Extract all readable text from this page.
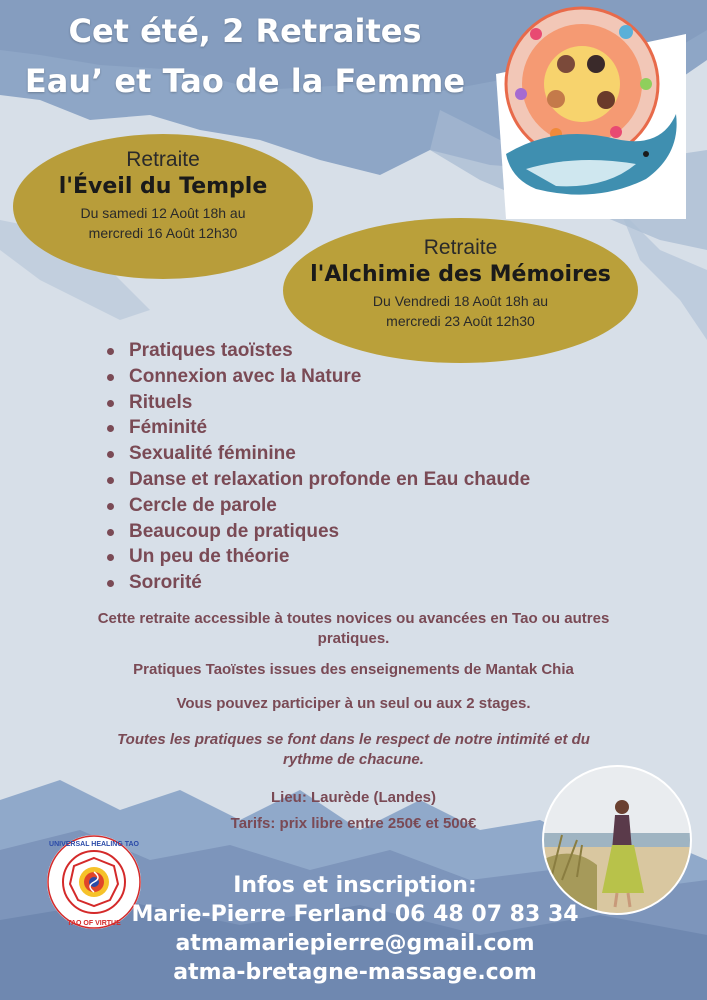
Cet été, 2 Retraites
Eau’ et Tao de la Femme
Retraite
l'Éveil du Temple
Du samedi 12 Août 18h au
mercredi 16 Août 12h30
Retraite
l'Alchimie des Mémoires
Du Vendredi 18 Août 18h au
mercredi 23 Août 12h30
Pratiques taoïstes
Connexion avec la Nature
Rituels
Féminité
Sexualité féminine
Danse et relaxation profonde en Eau chaude
Cercle de parole
Beaucoup de pratiques
Un peu de théorie
Sororité
Cette retraite accessible à toutes novices ou avancées en Tao ou autres
pratiques.
Pratiques Taoïstes issues des enseignements de Mantak Chia
Vous pouvez participer à un seul ou aux 2 stages.
Toutes les pratiques se font dans le respect de notre intimité et du
rythme de chacune.
Lieu: Laurède (Landes)
Tarifs: prix libre entre 250€ et 500€
UNIVERSAL HEALING TAO
TAO OF VIRTUE
Infos et inscription:
Marie-Pierre Ferland 06 48 07 83 34
atmamariepierre@gmail.com
atma-bretagne-massage.com
